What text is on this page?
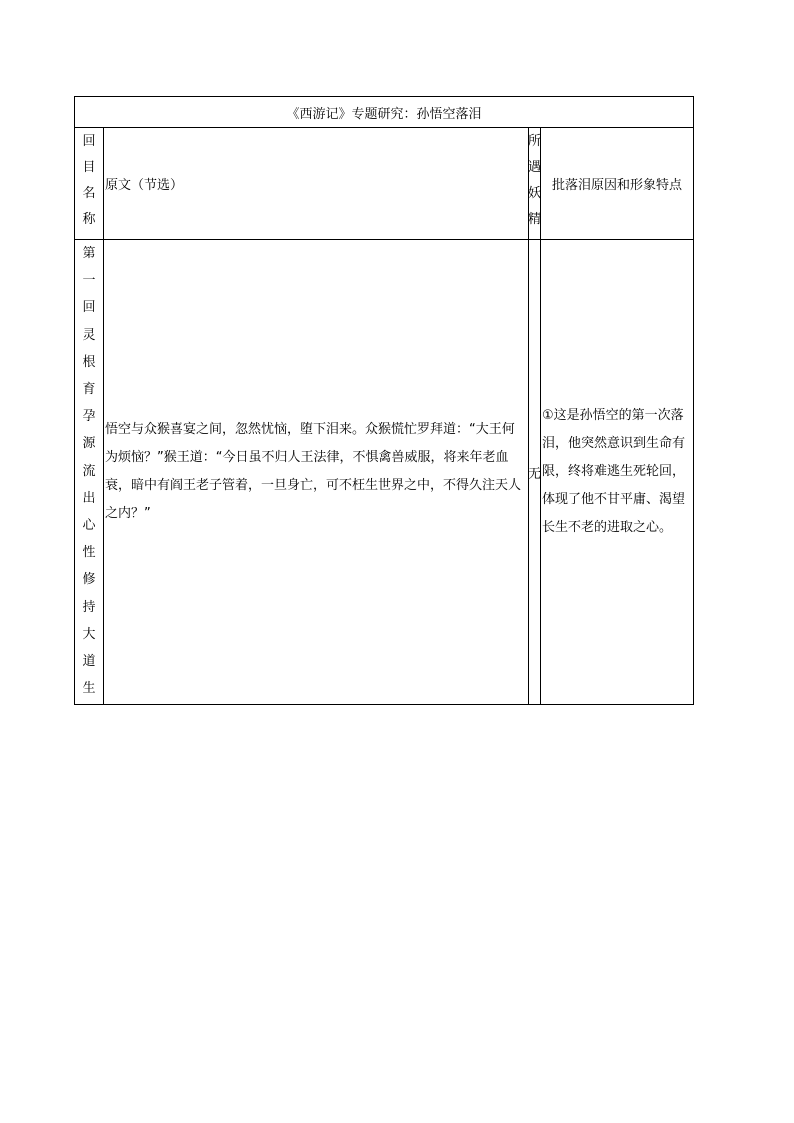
《西游记》专题研究：孙悟空落泪
回
目
名
称
原文（节选）
所
遇
妖
精
批落泪原因和形象特点
第
一
回
灵
根
育
孕
源
流
出
心
性
修
持
大
道
生
悟空与众猴喜宴之间，忽然忧恼，堕下泪来。众猴慌忙罗拜道：“大王何为烦恼？”猴王道：“今日虽不归人王法律，不惧禽兽威服，将来年老血衰，暗中有阎王老子管着，一旦身亡，可不枉生世界之中，不得久注天人之内？”
无
①这是孙悟空的第一次落泪，他突然意识到生命有限，终将难逃生死轮回，体现了他不甘平庸、渴望长生不老的进取之心。
